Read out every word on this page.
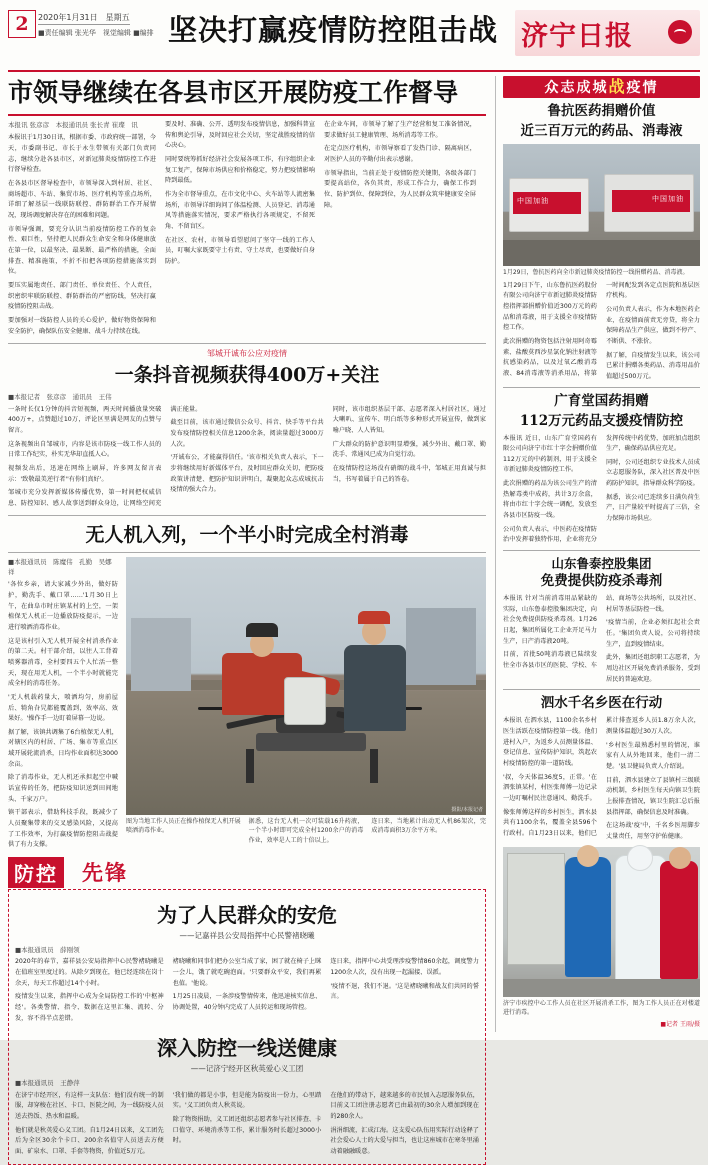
2	2020年1月31日　星期五
■责任编辑 张光华　视觉编辑 ■编排 坚决打赢疫情防控阻击战 济宁日报
市领导继续在各县市区开展防疫工作督导
本报讯 张彦彦　本报通讯员 张长青 崔璨　讯

本报讯于1月30日讯，根据市委、市政府统一部署，今天，市委副书记、市长于永生带领有关部门负责同志，继续分赴各县市区，对新冠肺炎疫情防控工作进行督导检查。

在各县市区督导检查中，市领导深入到村居、社区、商场超市、车站、集贸市场、医疗机构等重点场所，详细了解基层一线联防联控、群防群治工作开展情况，现场调度解决存在的困难和问题。

市领导强调，要充分认识当前疫情防控工作的复杂性、艰巨性，坚持把人民群众生命安全和身体健康放在第一位，以最坚决、最果断、最严格的措施，全面排查、精准施策，不折不扣把各项防控措施落实到位。

要压实属地责任、部门责任、单位责任、个人责任，织密织牢联防联控、群防群治的严密防线，坚决打赢疫情防控阻击战。

要加强对一线防控人员的关心爱护，做好物资保障和安全防护，确保队伍安全健康、战斗力持续在线。

要及时、准确、公开、透明发布疫情信息，加强科普宣传和舆论引导，及时回应社会关切，坚定战胜疫情的信心决心。

同时要统筹抓好经济社会发展各项工作，有序组织企业复工复产，保障市场供应和价格稳定，努力把疫情影响降到最低。

作为全市督导重点，在市文化中心、火车站等人流密集场所，市领导详细询问了体温检测、人员登记、消毒通风等措施落实情况，要求严格执行各项规定，不留死角、不留盲区。

在社区、农村，市领导看望慰问了坚守一线的工作人员，叮嘱大家既要守土有责、守土尽责，也要做好自身防护。

在企业车间，市领导了解了生产经营和复工准备情况，要求做好员工健康管理、场所消毒等工作。

在定点医疗机构，市领导察看了发热门诊、隔离病区，对医护人员的辛勤付出表示感谢。

市领导指出，当前正处于疫情防控关键期，各级各部门要提高站位，各负其责，形成工作合力，确保工作到位、防护到位、保障到位，为人民群众筑牢健康安全屏障。

邹城开诚布公应对疫情
一条抖音视频获得400万+关注
■本报记者　张彦彦　通讯员　王伟

一条时长仅1分钟的抖音短视频，两天时间播放量突破400万+，点赞超过10万，评论区里满是网友的点赞与留言。

这条视频出自邹城市，内容是该市防疫一线工作人员的日常工作纪实，朴实无华却直抵人心。

视频发出后，迅速在网络上刷屏，许多网友留言表示：'致敬最美逆行者''有你们真好'。

邹城市充分发挥新媒体传播优势，第一时间把权威信息、防控知识、感人故事送到群众身边，让网络空间充满正能量。

截至目前，该市通过微信公众号、抖音、快手等平台共发布疫情防控相关信息1200余条，阅读量超过3000万人次。

'开诚布公，才能赢得信任。'该市相关负责人表示，下一步将继续用好新媒体平台，及时回应群众关切，把防疫政策讲清楚、把防护知识讲明白，凝聚起众志成城抗击疫情的强大合力。

同时，该市组织基层干部、志愿者深入村居社区，通过大喇叭、宣传车、明白纸等多种形式开展宣传，做到家喻户晓、人人皆知。

广大群众的防护意识明显增强，减少外出、戴口罩、勤洗手、常通风已成为自觉行动。

在疫情防控这场没有硝烟的战斗中，邹城正用真诚与担当，书写着属于自己的答卷。

无人机入列，一个半小时完成全村消毒
■本报通讯员　陈魔伟　孔勤　吴娜祥

'各位乡亲，请大家减少外出，做好防护，勤洗手、戴口罩……'1月30日上午，在曲阜市时庄镇某村的上空，一架植保无人机正一边播放防疫提示，一边进行喷洒消毒作业。

这是该村引入无人机开展全村消杀作业的第二天。村干部介绍，以往人工背着喷雾器消毒，全村要四五个人忙活一整天，现在用无人机，一个半小时就能完成全村的消毒任务。

'无人机载药量大，喷洒均匀，房前屋后、犄角旮旯都能覆盖到，效率高、效果好。'操作手一边盯着屏幕一边说。

据了解，该镇共调集了6台植保无人机，对辖区内的村居、广场、集市等重点区域开展轮流消杀，日均作业面积达3000余亩。

除了消毒作业，无人机还承担起空中喊话宣传的任务，把防疫知识送到田间地头、千家万户。

镇干部表示，借助科技手段，既减少了人员聚集带来的交叉感染风险，又提高了工作效率，为打赢疫情防控阻击战提供了有力支撑。

摄影/本报记者
图为当地工作人员正在操作植保无人机开展喷洒消毒作业。
据悉，这台无人机一次可装载16升药液，一个半小时即可完成全村1200余户的消毒作业，效率是人工的十倍以上。
连日来，当地累计出动无人机86架次，完成消毒面积3万余平方米。
防控 先锋
为了人民群众的安危
——记嘉祥县公安局指挥中心民警褚晓曦
■本报通讯员　薛刚领

2020年的春节，嘉祥县公安局指挥中心民警褚晓曦是在值班室里度过的。从除夕到现在，他已经连续在岗十余天，每天工作超过14个小时。

疫情发生以来，指挥中心成为全局防控工作的'中枢神经'。各类警情、指令、数据在这里汇集、流转、分发，容不得半点差错。

褚晓曦和同事们把办公室当成了家，困了就在椅子上眯一会儿，饿了就吃碗泡面。'只要群众平安，我们再累也值。'他说。

1月25日凌晨，一条涉疫警情传来，他迅速核实信息、协调处置，40分钟内完成了人员转运和现场管控。

连日来，指挥中心共受理涉疫警情860余起，调度警力1200余人次，没有出现一起漏接、误派。

'疫情不退，我们不退。'这是褚晓曦和战友们共同的誓言。

深入防控一线送健康
——记济宁经开区秋英爱心义工团
■本报通讯员　王静萍

在济宁市经开区，有这样一支队伍：他们没有统一的制服，却穿梭在社区、卡口、医院之间，为一线防疫人员送去热饭、热水和温暖。

他们就是秋英爱心义工团。自1月24日以来，义工团先后为全区30余个卡口、200余名值守人员送去方便面、矿泉水、口罩、手套等物资，价值近5万元。

'我们做的都是小事，但是能为防疫出一份力，心里踏实。'义工团负责人秋英说。

除了物资捐助，义工团还组织志愿者参与社区排查、卡口值守、环境消杀等工作，累计服务时长超过3000小时。

在他们的带动下，越来越多的市民加入志愿服务队伍，目前义工团注册志愿者已由最初的30余人增加到现在的280余人。

涓涓细流，汇成江海。这支爱心队伍用实际行动诠释了社会爱心人士的大爱与担当，也让这座城市在寒冬里涌动着融融暖意。

众志成城战疫情
鲁抗医药捐赠价值
近三百万元的药品、消毒液
中国加油	中国加油
1月29日，鲁抗医药向全市新冠肺炎疫情防控一线捐赠药品、消毒液。

1月29日下午，山东鲁抗医药股份有限公司向济宁市新冠肺炎疫情防控指挥部捐赠价值近300万元的药品和消毒液，用于支援全市疫情防控工作。

此次捐赠的物资包括注射用阿奇霉素、盐酸莫西沙星氯化钠注射液等抗感染药品，以及过氧乙酸消毒液、84消毒液等消杀用品，将第一时间配发到各定点医院和基层医疗机构。

公司负责人表示，作为本地医药企业，在疫情面前责无旁贷，将全力保障药品生产供应，做到不停产、不断供、不涨价。

据了解，自疫情发生以来，该公司已累计捐赠各类药品、消毒用品价值超过500万元。

广育堂国药捐赠
112万元药品支援疫情防控

本报讯 近日，山东广育堂国药有限公司向济宁市红十字会捐赠价值112万元的中药制剂，用于支援全市新冠肺炎疫情防控工作。

此次捐赠的药品为该公司生产的清热解毒类中成药，共计3万余盒，将由市红十字会统一调配，发放至各县市区防疫一线。

公司负责人表示，中医药在疫情防治中发挥着独特作用，企业将充分发挥传统中药优势，加班加点组织生产，确保药品供应充足。

同时，公司还组织专业技术人员成立志愿服务队，深入社区普及中医药防护知识，指导群众科学防疫。

据悉，该公司已连续多日满负荷生产，日产量较平时提高了三倍，全力保障市场供应。

山东鲁泰控股集团
免费提供防疫杀毒剂

本报讯 针对当前消毒用品紧缺的实际，山东鲁泰控股集团决定，向社会免费提供防疫杀毒剂。1月26日起，集团所属化工企业开足马力生产，日产消毒液20吨。

目前，首批50吨消毒液已陆续发往全市各县市区的医院、学校、车站、商场等公共场所，以及社区、村居等基层防控一线。

'疫情当前，企业必须扛起社会责任。'集团负责人说，公司将持续生产，直到疫情结束。

此外，集团还组织职工志愿者，为周边社区开展免费消杀服务，受到居民的普遍欢迎。

泗水千名乡医在行动

本报讯 在泗水县，1100余名乡村医生活跃在疫情防控第一线。他们进村入户，为返乡人员测量体温、登记信息、宣传防护知识，筑起农村疫情防控的第一道防线。

'叔，今天体温36度5，正常。'在泗张镇某村，村医张师傅一边记录一边叮嘱村民注意通风、勤洗手。

像张师傅这样的乡村医生，泗水县共有1100余名，覆盖全县596个行政村。自1月23日以来，他们已累计排查返乡人员1.8万余人次，测量体温超过30万人次。

'乡村医生最熟悉村里的情况，谁家有人从外地回来，他们一清二楚。'县卫健局负责人介绍说。

目前，泗水县建立了县镇村三级联动机制，乡村医生每天向镇卫生院上报排查情况，镇卫生院汇总后报县指挥部，确保信息及时准确。

在这场战'疫'中，千名乡医用脚步丈量责任，用坚守护佑健康。

济宁市疾控中心工作人员在社区开展消杀工作，图为工作人员正在对楼道进行消毒。
■记者 王雨/摄
